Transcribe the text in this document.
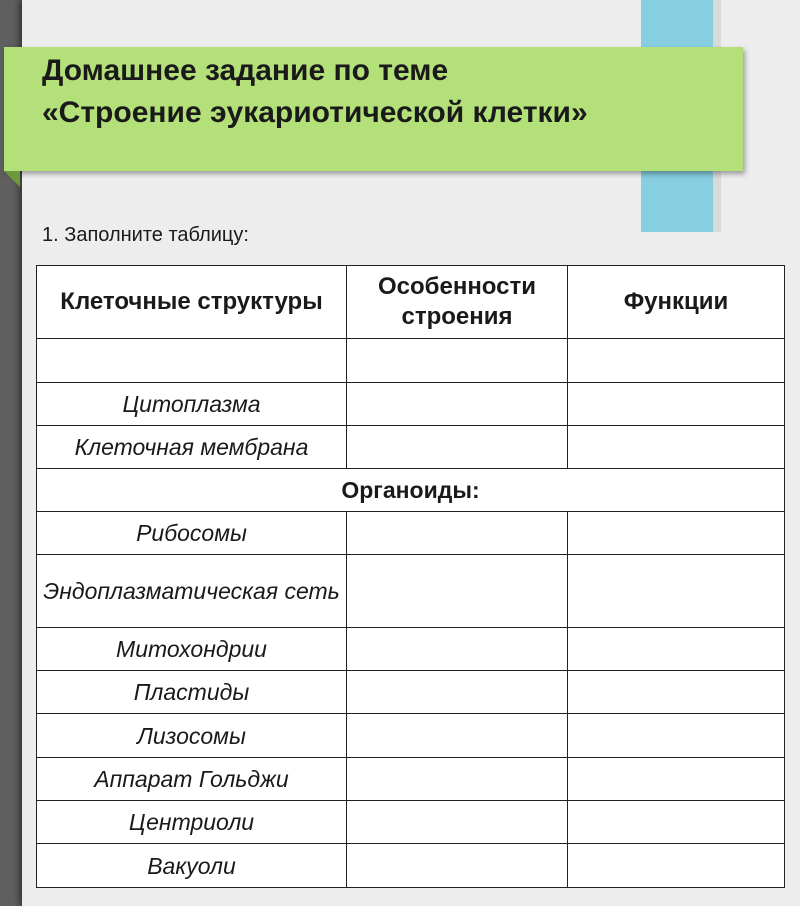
Домашнее задание по теме «Строение эукариотической клетки»
1. Заполните таблицу:
Клеточные структуры	Особенности строения	Функции

Цитоплазма		
Клеточная мембрана		
Органоиды:		
Рибосомы		
Эндоплазматическая сеть		
Митохондрии		
Пластиды		
Лизосомы		
Аппарат Гольджи		
Центриоли		
Вакуоли		
